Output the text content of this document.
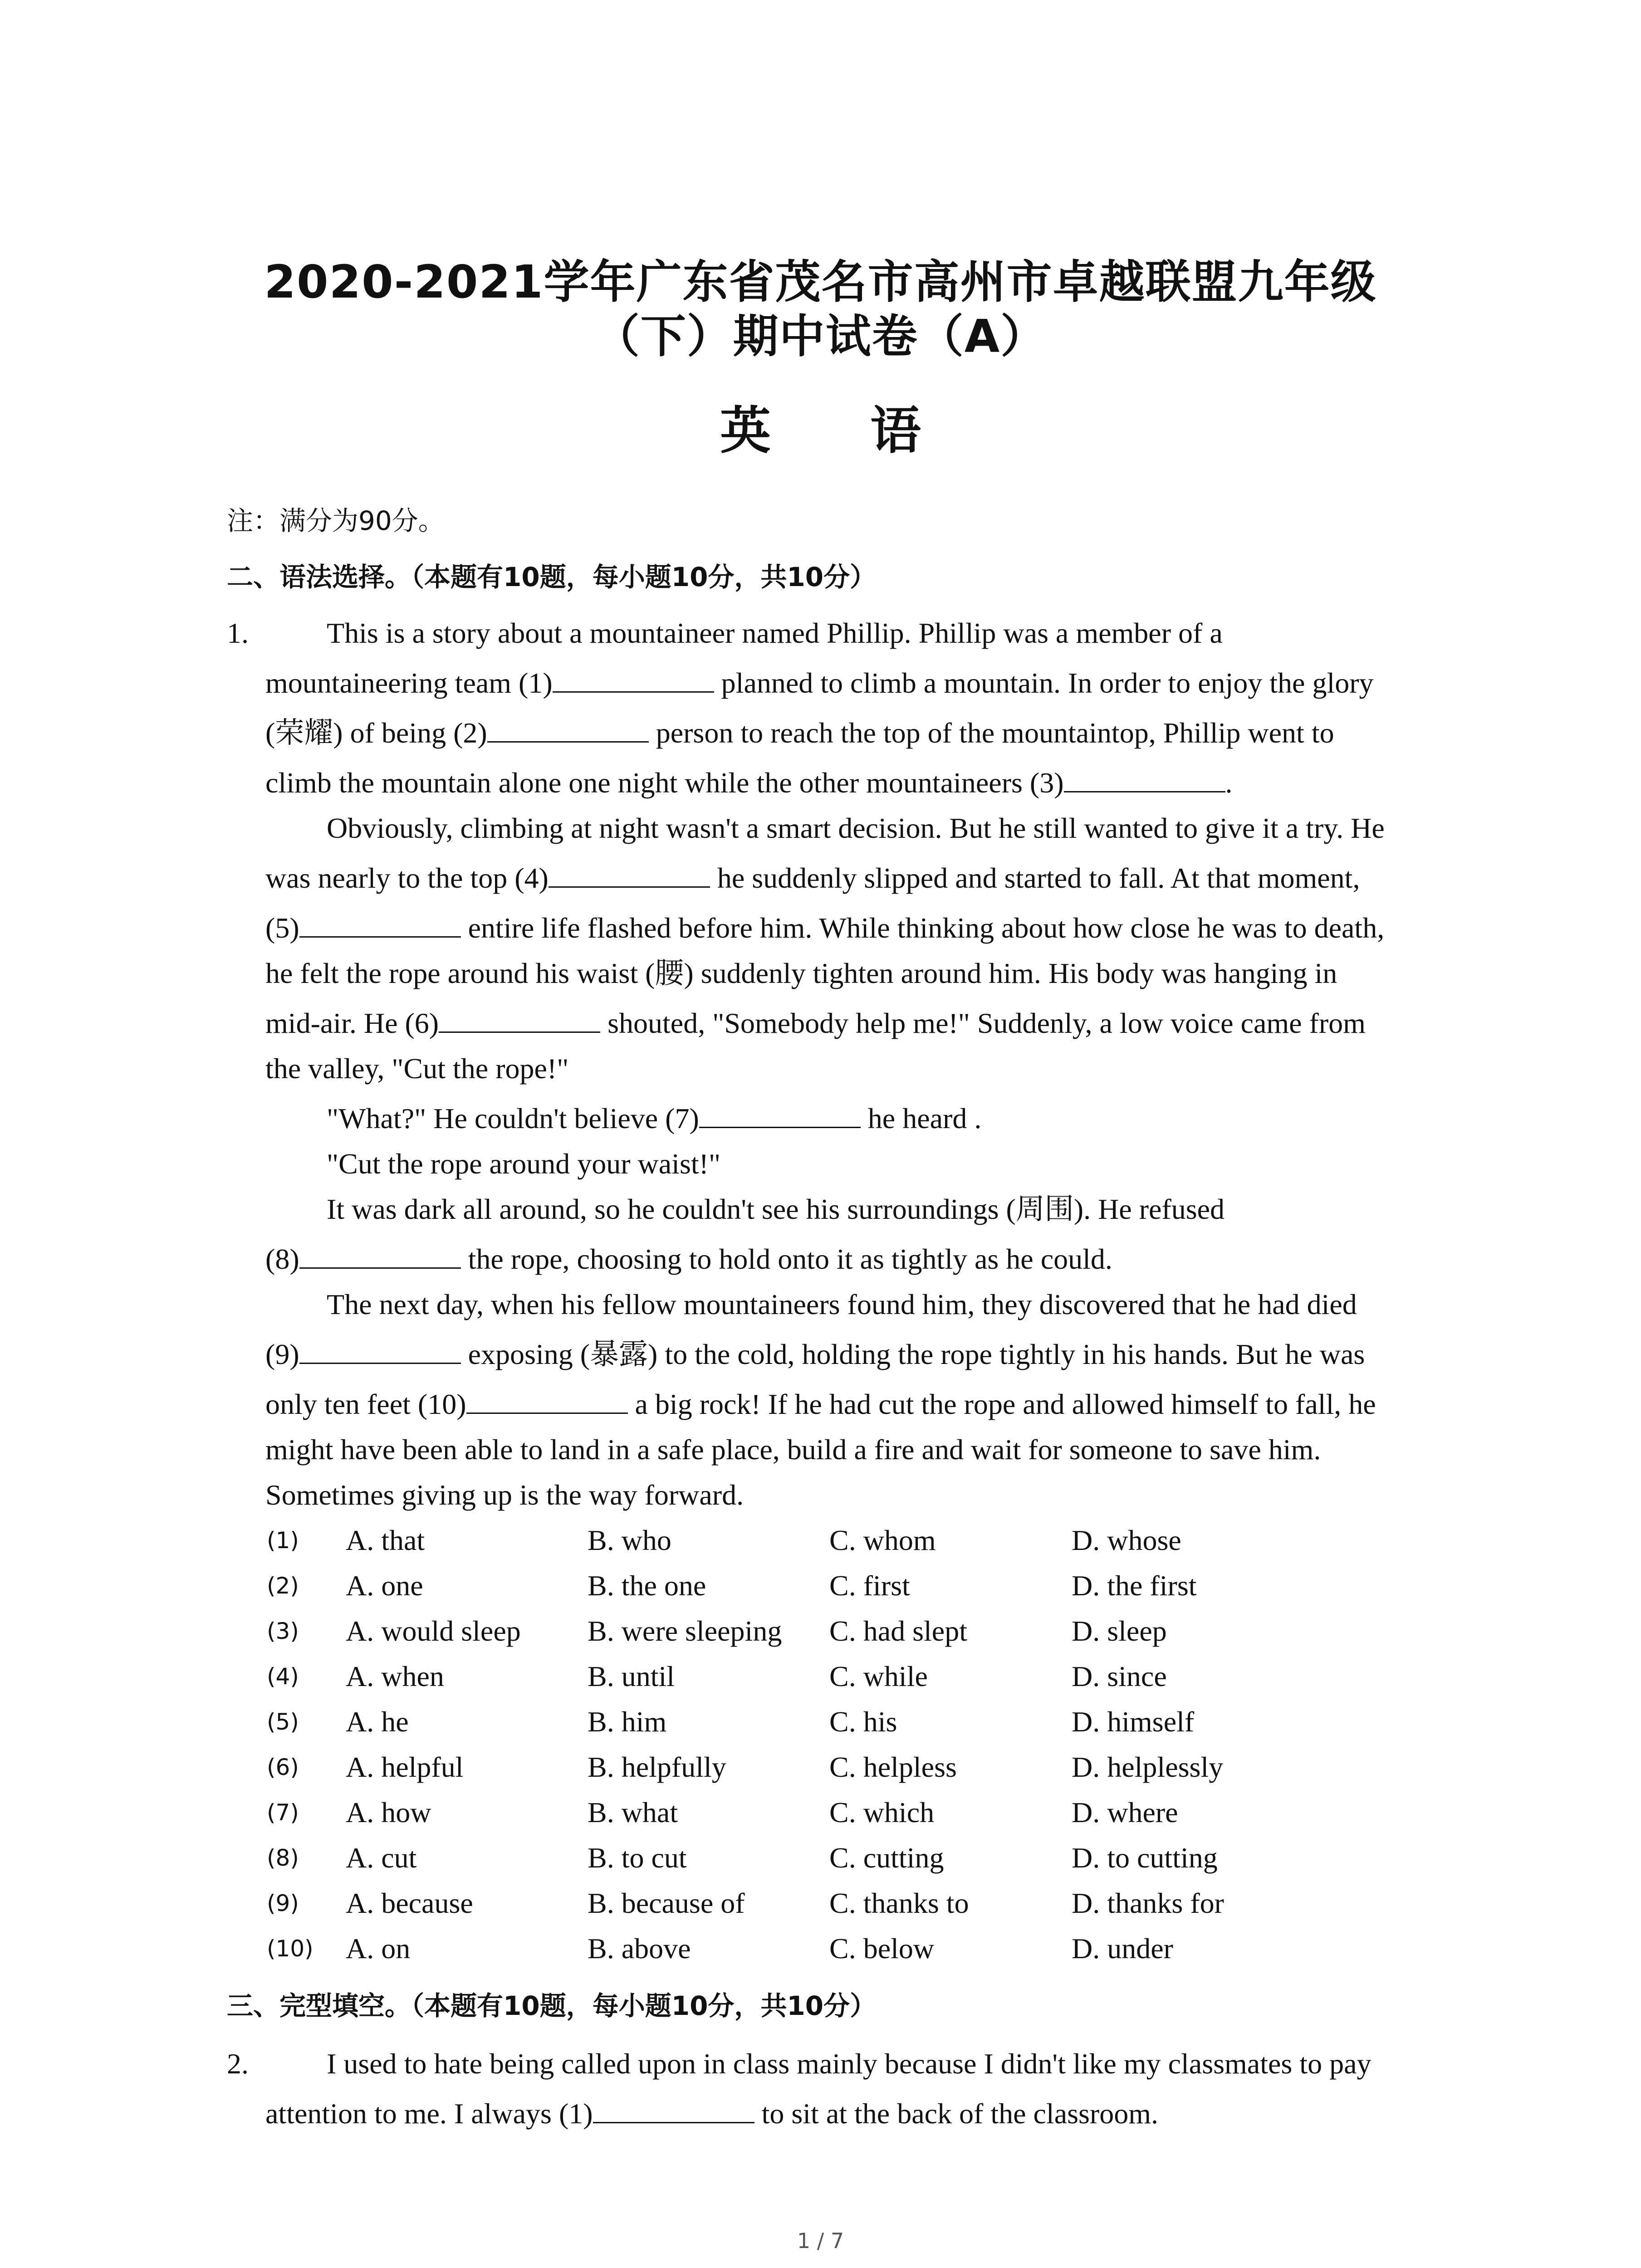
2020-2021学年广东省茂名市高州市卓越联盟九年级
（下）期中试卷（A）
英 语
注：满分为90分。
二、语法选择。（本题有10题，每小题10分，共10分）
1.	This is a story about a mountaineer named Phillip. Phillip was a member of a
mountaineering team (1)	planned to climb a mountain. In order to enjoy the glory
(荣耀) of being (2)	person to reach the top of the mountaintop, Phillip went to
climb the mountain alone one night while the other mountaineers (3)	.
Obviously, climbing at night wasn't a smart decision. But he still wanted to give it a try. He
was nearly to the top (4)	he suddenly slipped and started to fall. At that moment,
(5)	entire life flashed before him. While thinking about how close he was to death,
he felt the rope around his waist (腰) suddenly tighten around him. His body was hanging in
mid-air. He (6)	shouted, "Somebody help me!" Suddenly, a low voice came from
the valley, "Cut the rope!"
"What?" He couldn't believe (7)	he heard .
"Cut the rope around your waist!"
It was dark all around, so he couldn't see his surroundings (周围). He refused
(8)	the rope, choosing to hold onto it as tightly as he could.
The next day, when his fellow mountaineers found him, they discovered that he had died
(9)	exposing (暴露) to the cold, holding the rope tightly in his hands. But he was
only ten feet (10)	a big rock! If he had cut the rope and allowed himself to fall, he
might have been able to land in a safe place, build a fire and wait for someone to save him.
Sometimes giving up is the way forward.
(1) A. that	B. who	C. whom	D. whose
(2) A. one	B. the one	C. first	D. the first
(3) A. would sleep B. were sleeping C. had slept	D. sleep
(4) A. when	B. until	C. while	D. since
(5) A. he	B. him	C. his	D. himself
(6) A. helpful	B. helpfully	C. helpless	D. helplessly
(7) A. how	B. what	C. which	D. where
(8) A. cut	B. to cut	C. cutting	D. to cutting
(9) A. because	B. because of	C. thanks to	D. thanks for
(10) A. on	B. above	C. below	D. under
三、完型填空。（本题有10题，每小题10分，共10分）
2.	I used to hate being called upon in class mainly because I didn't like my classmates to pay
attention to me. I always (1)	to sit at the back of the classroom.
1 / 7
